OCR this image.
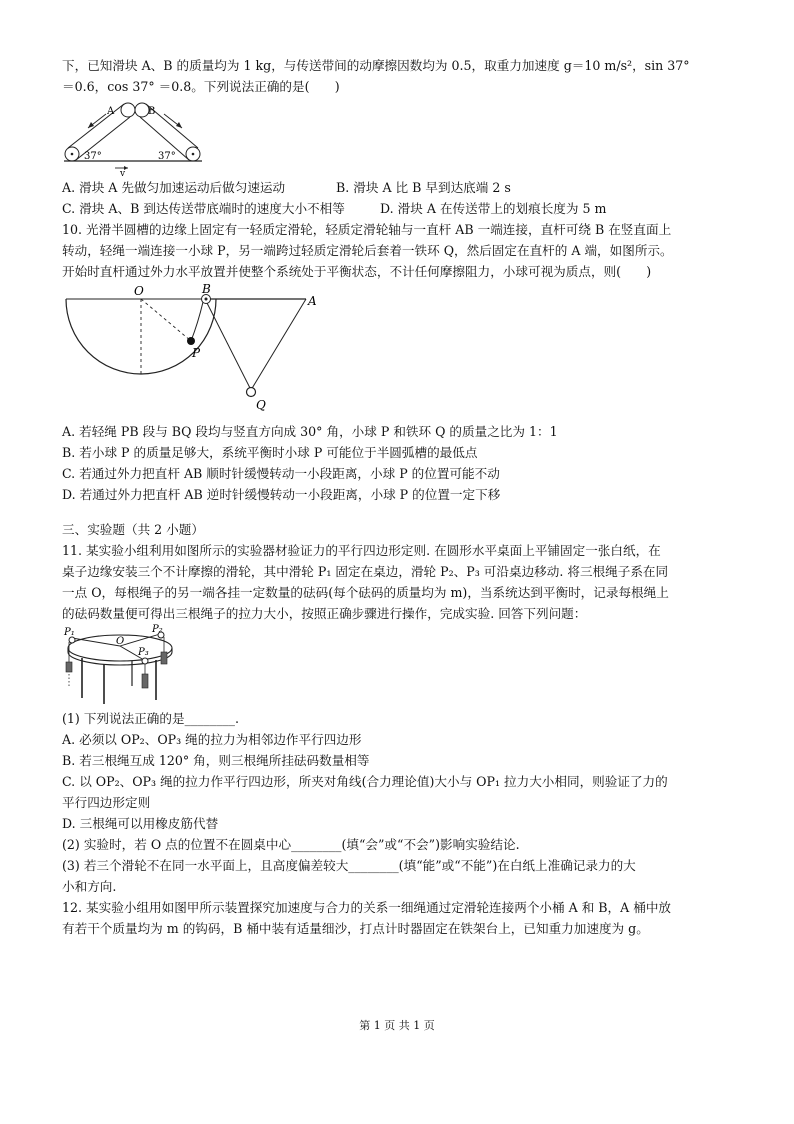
下，已知滑块 A、B 的质量均为 1 kg，与传送带间的动摩擦因数均为 0.5，取重力加速度 g＝10 m/s²，sin 37°
＝0.6，cos 37° ＝0.8。下列说法正确的是(　　)
v
A	B
37°	37°
A. 滑块 A 先做匀加速运动后做匀速运动	B. 滑块 A 比 B 早到达底端 2 s
C. 滑块 A、B 到达传送带底端时的速度大小不相等	D. 滑块 A 在传送带上的划痕长度为 5 m
10. 光滑半圆槽的边缘上固定有一轻质定滑轮，轻质定滑轮轴与一直杆 AB 一端连接，直杆可绕 B 在竖直面上
转动，轻绳一端连接一小球 P，另一端跨过轻质定滑轮后套着一铁环 Q，然后固定在直杆的 A 端，如图所示。
开始时直杆通过外力水平放置并使整个系统处于平衡状态，不计任何摩擦阻力，小球可视为质点，则(　　)
O	B
A
P
Q
A. 若轻绳 PB 段与 BQ 段均与竖直方向成 30° 角，小球 P 和铁环 Q 的质量之比为 1：1
B. 若小球 P 的质量足够大，系统平衡时小球 P 可能位于半圆弧槽的最低点
C. 若通过外力把直杆 AB 顺时针缓慢转动一小段距离，小球 P 的位置可能不动
D. 若通过外力把直杆 AB 逆时针缓慢转动一小段距离，小球 P 的位置一定下移
三、实验题（共 2 小题）
11. 某实验小组利用如图所示的实验器材验证力的平行四边形定则. 在圆形水平桌面上平铺固定一张白纸，在
桌子边缘安装三个不计摩擦的滑轮，其中滑轮 P₁ 固定在桌边，滑轮 P₂、P₃ 可沿桌边移动. 将三根绳子系在同
一点 O，每根绳子的另一端各挂一定数量的砝码(每个砝码的质量均为 m)，当系统达到平衡时，记录每根绳上
的砝码数量便可得出三根绳子的拉力大小，按照正确步骤进行操作，完成实验. 回答下列问题：
P₁	P₂
P₃
O
(1) 下列说法正确的是________.
A. 必须以 OP₂、OP₃ 绳的拉力为相邻边作平行四边形
B. 若三根绳互成 120° 角，则三根绳所挂砝码数量相等
C. 以 OP₂、OP₃ 绳的拉力作平行四边形，所夹对角线(合力理论值)大小与 OP₁ 拉力大小相同，则验证了力的
平行四边形定则
D. 三根绳可以用橡皮筋代替
(2) 实验时，若 O 点的位置不在圆桌中心________(填“会”或“不会”)影响实验结论.
(3) 若三个滑轮不在同一水平面上，且高度偏差较大________(填“能”或“不能”)在白纸上准确记录力的大
小和方向.
12. 某实验小组用如图甲所示装置探究加速度与合力的关系一细绳通过定滑轮连接两个小桶 A 和 B，A 桶中放
有若干个质量均为 m 的钩码，B 桶中装有适量细沙，打点计时器固定在铁架台上，已知重力加速度为 g。
第 1 页 共 1 页
